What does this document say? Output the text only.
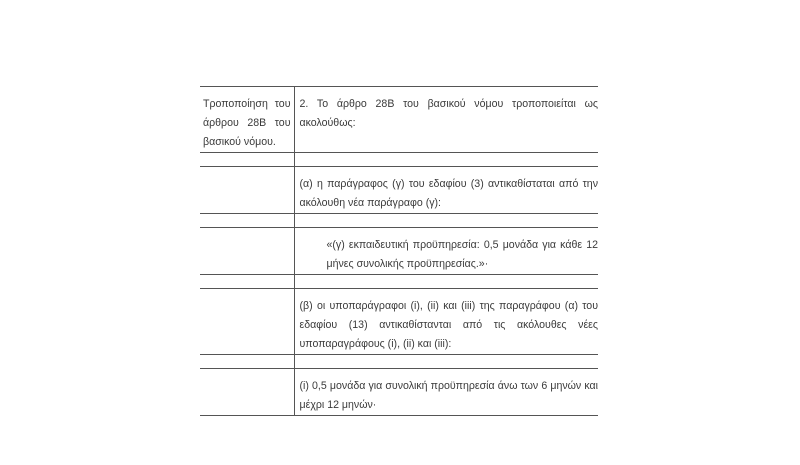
Τροποποίηση του άρθρου 28Β του βασικού νόμου.	2. Το άρθρο 28Β του βασικού νόμου τροποποιείται ως ακολούθως:

	(α) η παράγραφος (γ) του εδαφίου (3) αντικαθίσταται από την ακόλουθη νέα παράγραφο (γ):

	«(γ) εκπαιδευτική προϋπηρεσία: 0,5 μονάδα για κάθε 12 μήνες συνολικής προϋπηρεσίας.»·

	(β) οι υποπαράγραφοι (i), (ii) και (iii) της παραγράφου (α) του εδαφίου (13) αντικαθίστανται από τις ακόλουθες νέες υποπαραγράφους (i), (ii) και (iii):

	(i) 0,5 μονάδα για συνολική προϋπηρεσία άνω των 6 μηνών και μέχρι 12 μηνών·
